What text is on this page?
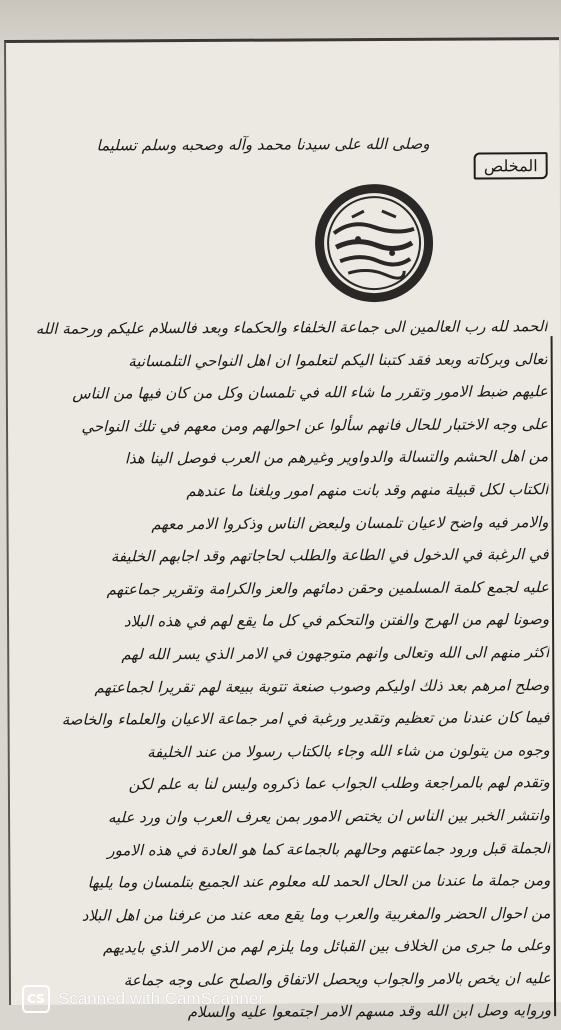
وصلى الله على سيدنا محمد وآله وصحبه وسلم تسليما
المخلص
الحمد لله رب العالمين الى جماعة الخلفاء والحكماء وبعد فالسلام عليكم ورحمة الله
تعالى وبركاته وبعد فقد كتبنا اليكم لتعلموا ان اهل النواحي التلمسانية
عليهم ضبط الامور وتقرر ما شاء الله في تلمسان وكل من كان فيها من الناس
على وجه الاختبار للحال فانهم سألوا عن احوالهم ومن معهم في تلك النواحي
من اهل الحشم والتسالة والدواوير وغيرهم من العرب فوصل الينا هذا
الكتاب لكل قبيلة منهم وقد بانت منهم امور وبلغنا ما عندهم
والامر فيه واضح لاعيان تلمسان ولبعض الناس وذكروا الامر معهم
في الرغبة في الدخول في الطاعة والطلب لحاجاتهم وقد اجابهم الخليفة
عليه لجمع كلمة المسلمين وحقن دمائهم والعز والكرامة وتقرير جماعتهم
وصونا لهم من الهرج والفتن والتحكم في كل ما يقع لهم في هذه البلاد
اكثر منهم الى الله وتعالى وانهم متوجهون في الامر الذي يسر الله لهم
وصلح امرهم بعد ذلك اوليكم وصوب صنعة تتوبة ببيعة لهم تقريرا لجماعتهم
فيما كان عندنا من تعظيم وتقدير ورغبة في امر جماعة الاعيان والعلماء والخاصة
وجوه من يتولون من شاء الله وجاء بالكتاب رسولا من عند الخليفة
وتقدم لهم بالمراجعة وطلب الجواب عما ذكروه وليس لنا به علم لكن
وانتشر الخبر بين الناس ان يختص الامور بمن يعرف العرب وان ورد عليه
الجملة قبل ورود جماعتهم وحالهم بالجماعة كما هو العادة في هذه الامور
ومن جملة ما عندنا من الحال الحمد لله معلوم عند الجميع بتلمسان وما يليها
من احوال الحضر والمغربية والعرب وما يقع معه عند من عرفنا من اهل البلاد
وعلى ما جرى من الخلاف بين القبائل وما يلزم لهم من الامر الذي بايديهم
عليه ان يخص بالامر والجواب ويحصل الاتفاق والصلح على وجه جماعة
وروايه وصل ابن الله وقد مسهم الامر اجتمعوا عليه والسلام
CS Scanned with CamScanner
